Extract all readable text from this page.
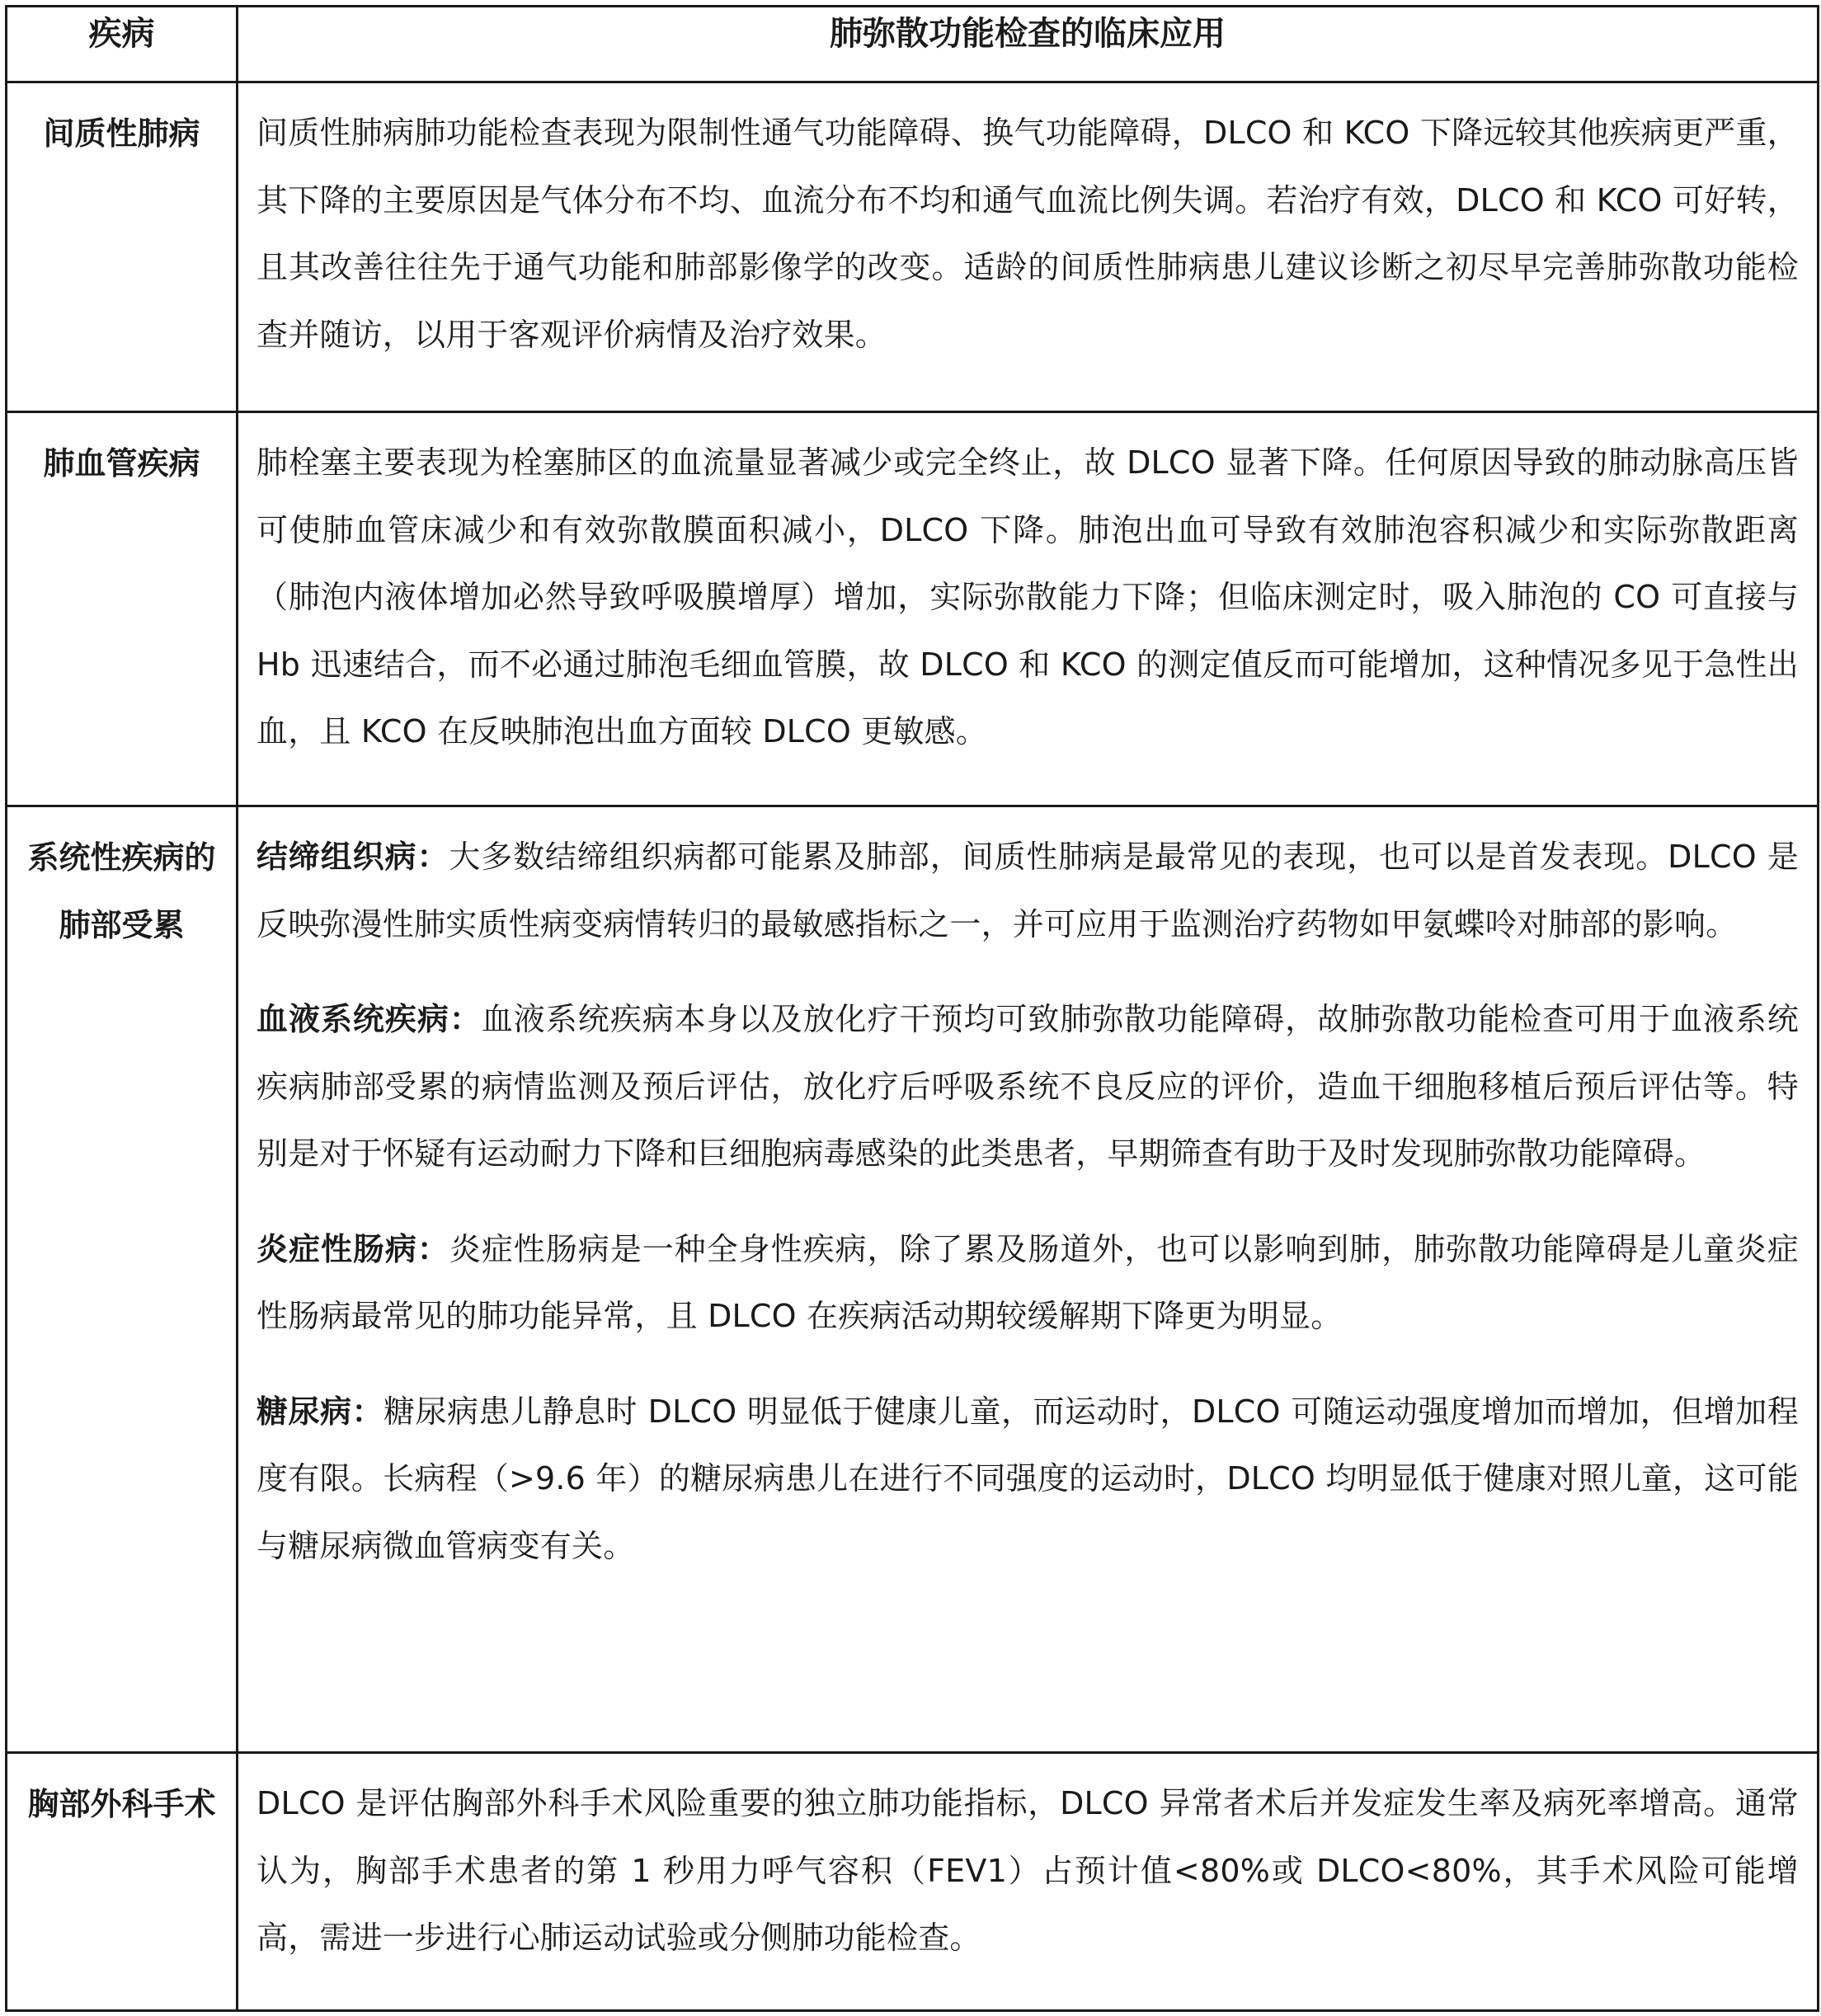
疾病	肺弥散功能检查的临床应用
间质性肺病	间质性肺病肺功能检查表现为限制性通气功能障碍、换气功能障碍，DLCO 和 KCO 下降远较其他疾病更严重，其下降的主要原因是气体分布不均、血流分布不均和通气血流比例失调。若治疗有效，DLCO 和 KCO 可好转，且其改善往往先于通气功能和肺部影像学的改变。适龄的间质性肺病患儿建议诊断之初尽早完善肺弥散功能检查并随访，以用于客观评价病情及治疗效果。
肺血管疾病	肺栓塞主要表现为栓塞肺区的血流量显著减少或完全终止，故 DLCO 显著下降。任何原因导致的肺动脉高压皆可使肺血管床减少和有效弥散膜面积减小，DLCO 下降。肺泡出血可导致有效肺泡容积减少和实际弥散距离（肺泡内液体增加必然导致呼吸膜增厚）增加，实际弥散能力下降；但临床测定时，吸入肺泡的 CO 可直接与 Hb 迅速结合，而不必通过肺泡毛细血管膜，故 DLCO 和 KCO 的测定值反而可能增加，这种情况多见于急性出血，且 KCO 在反映肺泡出血方面较 DLCO 更敏感。
系统性疾病的肺部受累	结缔组织病：大多数结缔组织病都可能累及肺部，间质性肺病是最常见的表现，也可以是首发表现。DLCO 是反映弥漫性肺实质性病变病情转归的最敏感指标之一，并可应用于监测治疗药物如甲氨蝶呤对肺部的影响。

血液系统疾病：血液系统疾病本身以及放化疗干预均可致肺弥散功能障碍，故肺弥散功能检查可用于血液系统疾病肺部受累的病情监测及预后评估，放化疗后呼吸系统不良反应的评价，造血干细胞移植后预后评估等。特别是对于怀疑有运动耐力下降和巨细胞病毒感染的此类患者，早期筛查有助于及时发现肺弥散功能障碍。

炎症性肠病：炎症性肠病是一种全身性疾病，除了累及肠道外，也可以影响到肺，肺弥散功能障碍是儿童炎症性肠病最常见的肺功能异常，且 DLCO 在疾病活动期较缓解期下降更为明显。

糖尿病：糖尿病患儿静息时 DLCO 明显低于健康儿童，而运动时，DLCO 可随运动强度增加而增加，但增加程度有限。长病程（>9.6 年）的糖尿病患儿在进行不同强度的运动时，DLCO 均明显低于健康对照儿童，这可能与糖尿病微血管病变有关。

胸部外科手术	DLCO 是评估胸部外科手术风险重要的独立肺功能指标，DLCO 异常者术后并发症发生率及病死率增高。通常认为，胸部手术患者的第 1 秒用力呼气容积（FEV1）占预计值<80%或 DLCO<80%，其手术风险可能增高，需进一步进行心肺运动试验或分侧肺功能检查。
